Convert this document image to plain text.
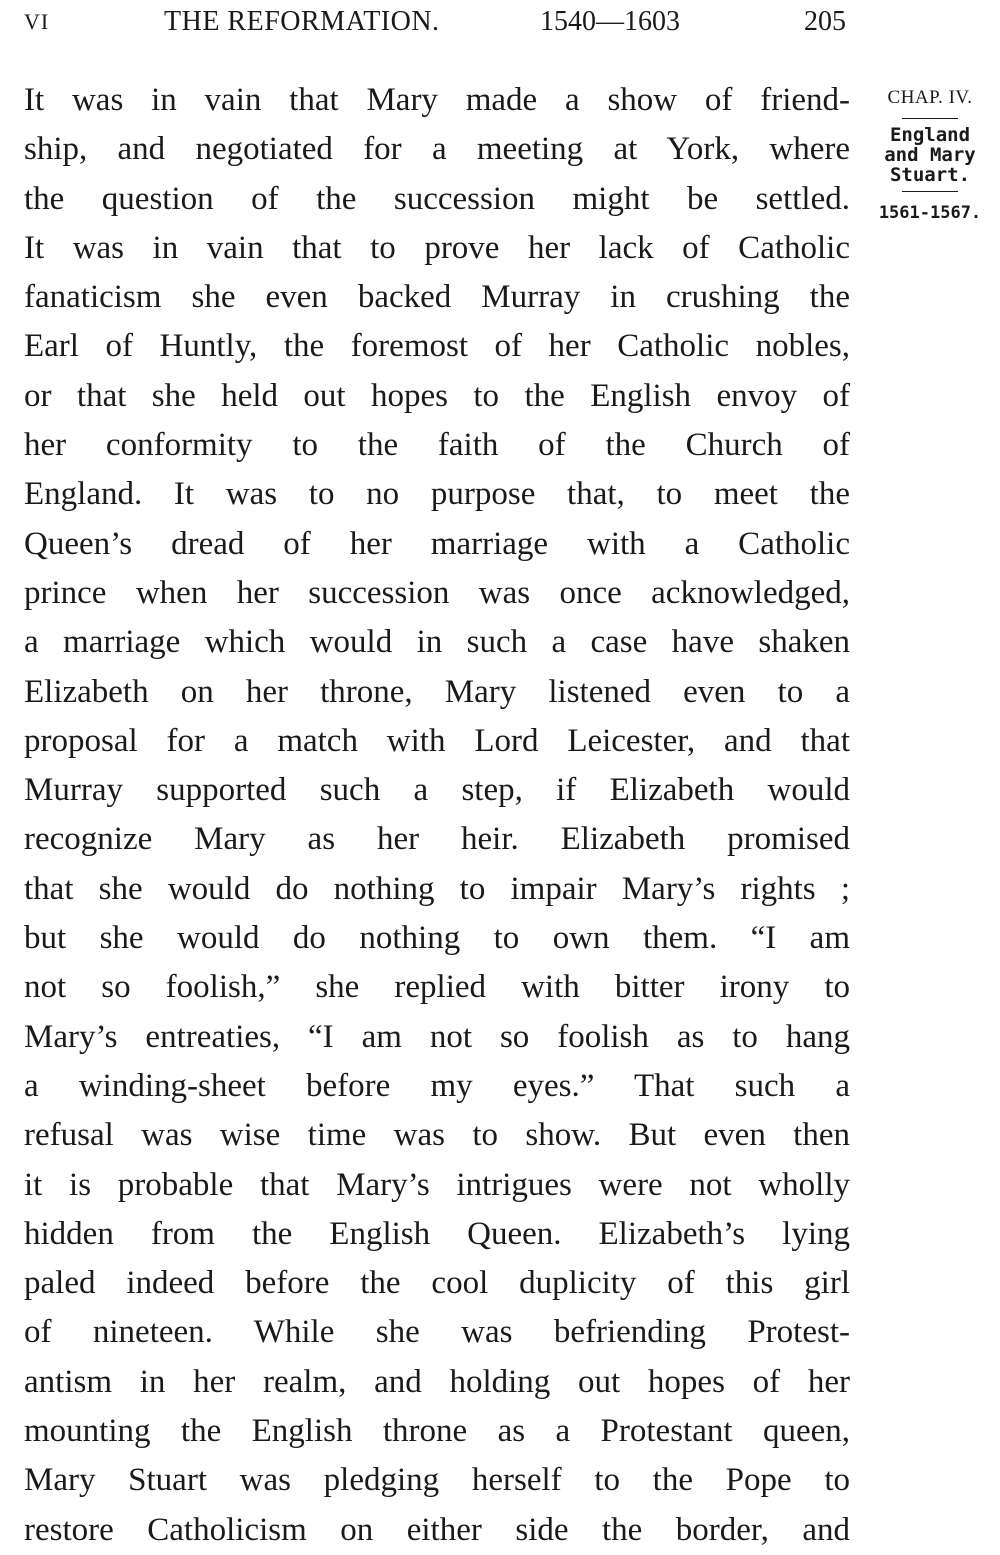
VI	THE REFORMATION.	1540—1603	205
It was in vain that Mary made a show of friend-
ship, and negotiated for a meeting at York, where
the question of the succession might be settled.
It was in vain that to prove her lack of Catholic
fanaticism she even backed Murray in crushing the
Earl of Huntly, the foremost of her Catholic nobles,
or that she held out hopes to the English envoy of
her conformity to the faith of the Church of
England. It was to no purpose that, to meet the
Queen’s dread of her marriage with a Catholic
prince when her succession was once acknowledged,
a marriage which would in such a case have shaken
Elizabeth on her throne, Mary listened even to a
proposal for a match with Lord Leicester, and that
Murray supported such a step, if Elizabeth would
recognize Mary as her heir. Elizabeth promised
that she would do nothing to impair Mary’s rights ;
but she would do nothing to own them. “I am
not so foolish,” she replied with bitter irony to
Mary’s entreaties, “I am not so foolish as to hang
a winding-sheet before my eyes.” That such a
refusal was wise time was to show. But even then
it is probable that Mary’s intrigues were not wholly
hidden from the English Queen. Elizabeth’s lying
paled indeed before the cool duplicity of this girl
of nineteen. While she was befriending Protest-
antism in her realm, and holding out hopes of her
mounting the English throne as a Protestant queen,
Mary Stuart was pledging herself to the Pope to
restore Catholicism on either side the border, and
CHAP. IV.
England
and Mary
Stuart.
1561-1567.
